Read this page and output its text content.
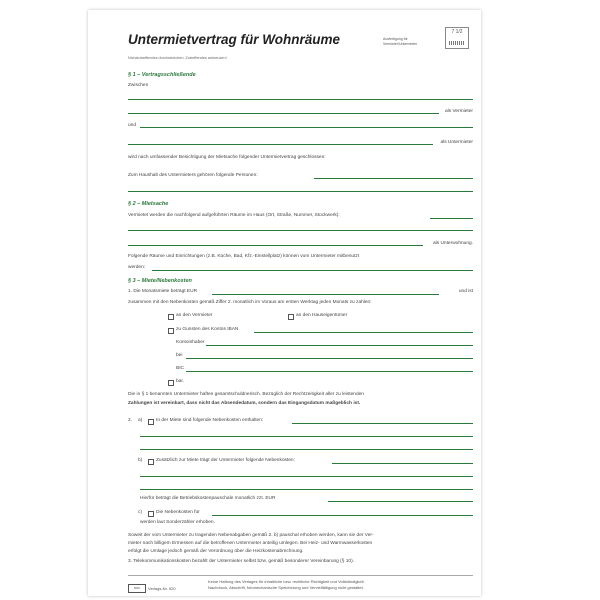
Untermietvertrag für Wohnräume	Ausfertigung für Vermieter/Untermieter
7 1/2
Nichtzutreffendes durchstreichen. Zutreffendes ankreuzen!
§ 1 – Vertragsschließende
Zwischen
als Vermieter
und
als Untermieter
wird nach umfassender Besichtigung der Mietsache folgender Untermietvertrag geschlossen:
Zum Haushalt des Untermieters gehören folgende Personen:
§ 2 – Mietsache
Vermietet werden die nachfolgend aufgeführten Räume im Haus (Ort, Straße, Nummer, Stockwerk):
als Unterwohnung.
Folgende Räume und Einrichtungen (z.B. Küche, Bad, Kfz.-Einstellplatz) können vom Untermieter mitbenutzt
werden:
§ 3 – Miete/Nebenkosten
1. Die Monatsmiete beträgt EUR	und ist
zusammen mit den Nebenkosten gemäß Ziffer 2. monatlich im Voraus am ersten Werktag jeden Monats zu zahlen:
an den Vermieter	an den Hauseigentümer
zu Gunsten des Kontos IBAN
Kontoinhaber
bei
BIC
bar.
Die in § 1 benannten Untermieter haften gesamtschuldnerisch. Bezüglich der Rechtzeitigkeit aller zu leistenden
Zahlungen ist vereinbart, dass nicht das Absendedatum, sondern das Eingangsdatum maßgeblich ist.
2. a)	In der Miete sind folgende Nebenkosten enthalten:
b)	Zusätzlich zur Miete trägt der Untermieter folgende Nebenkosten:
Hierfür beträgt die Betriebskostenpauschale monatlich zzt. EUR
c)	Die Nebenkosten für
werden laut Sonderzähler erhoben.
Soweit der vom Untermieter zu tragenden Nebenabgaben gemäß 2. b) pauschal erhoben werden, kann sie der Ver-
mieter nach billigem Ermessen auf die betroffenen Untermieter anteilig umlegen. Bei Heiz- und Warmwasserkosten
erfolgt die Umlage jedoch gemäß der Verordnung über die Heizkostenabrechnung.
3. Telekommunikationskosten bezahlt der Untermieter selbst bzw. gemäß besonderer Vereinbarung (§ 10).
RNK	Verlags-Nr. 520
Keine Haftung des Verlages für inhaltliche bzw. rechtliche Richtigkeit und Vollständigkeit.
Nachdruck, Abschrift, fotomechanische Speicherung und Vervielfältigung nicht gestattet.
